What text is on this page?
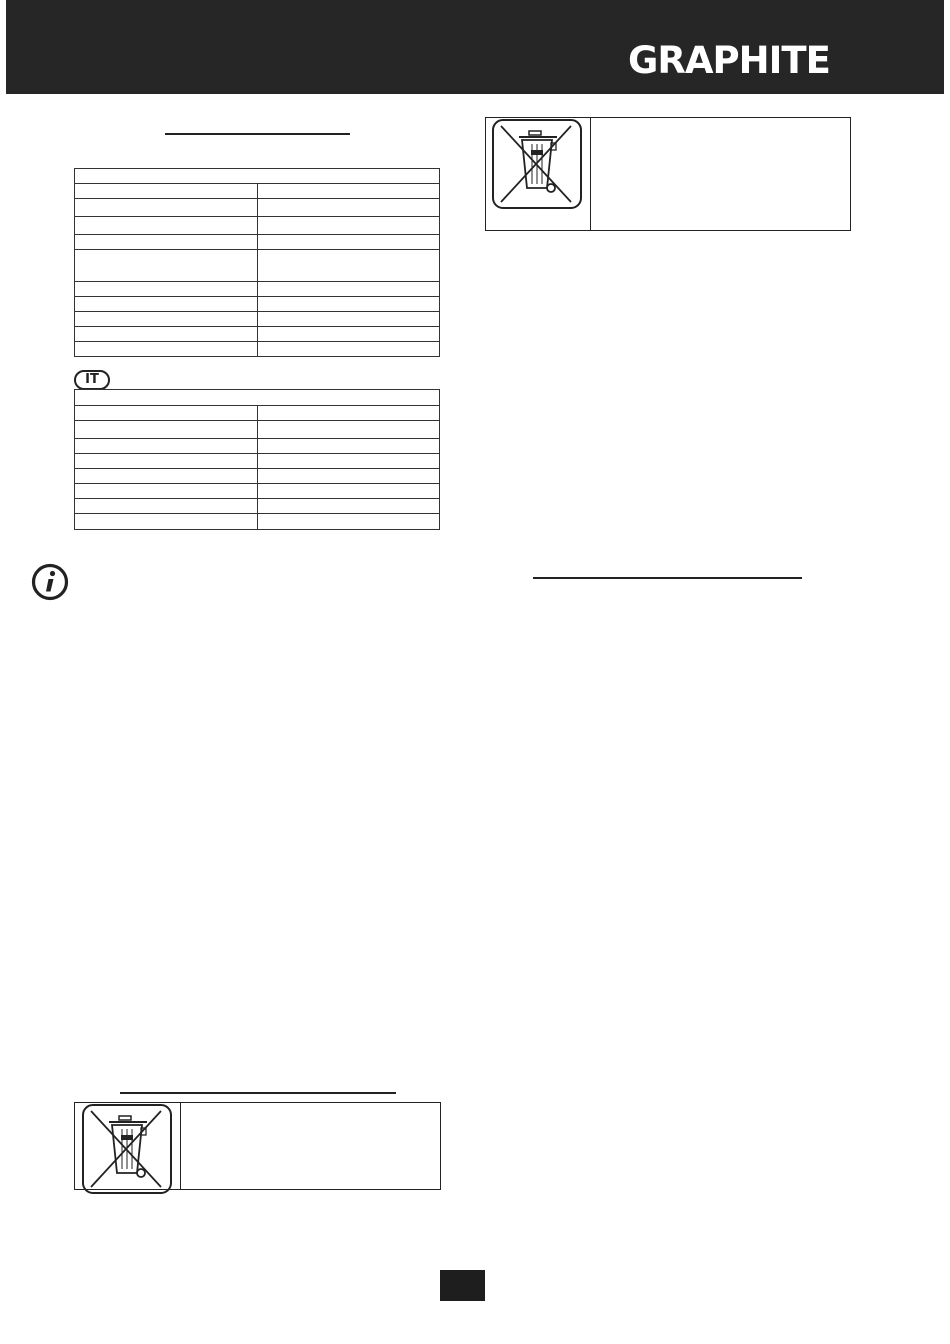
GRAPHITE

IT
